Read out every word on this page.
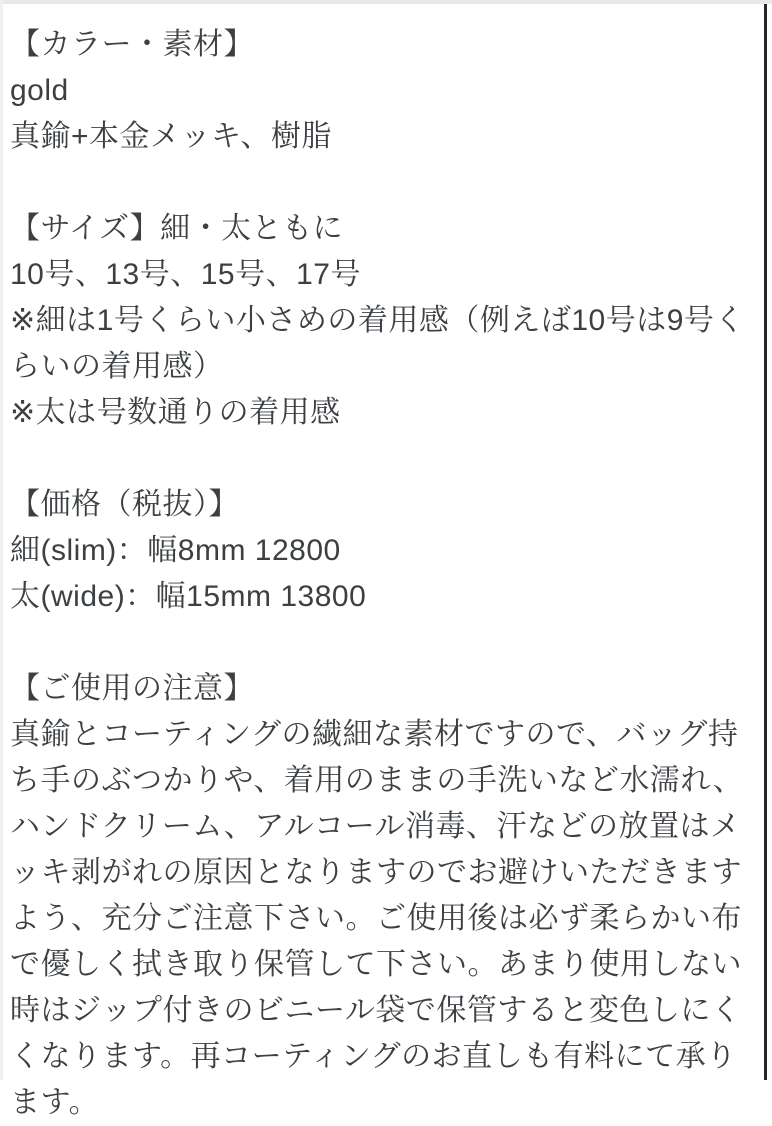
【カラー・素材】
gold
真鍮+本金メッキ、樹脂
【サイズ】細・太ともに
10号、13号、15号、17号
※細は1号くらい小さめの着用感（例えば10号は9号くらいの着用感）
※太は号数通りの着用感
【価格（税抜）】
細(slim)：幅8mm 12800
太(wide)：幅15mm 13800
【ご使用の注意】
真鍮とコーティングの繊細な素材ですので、バッグ持ち手のぶつかりや、着用のままの手洗いなど水濡れ、ハンドクリーム、アルコール消毒、汗などの放置はメッキ剥がれの原因となりますのでお避けいただきますよう、充分ご注意下さい。ご使用後は必ず柔らかい布で優しく拭き取り保管して下さい。あまり使用しない時はジップ付きのビニール袋で保管すると変色しにくくなります。再コーティングのお直しも有料にて承ります。
